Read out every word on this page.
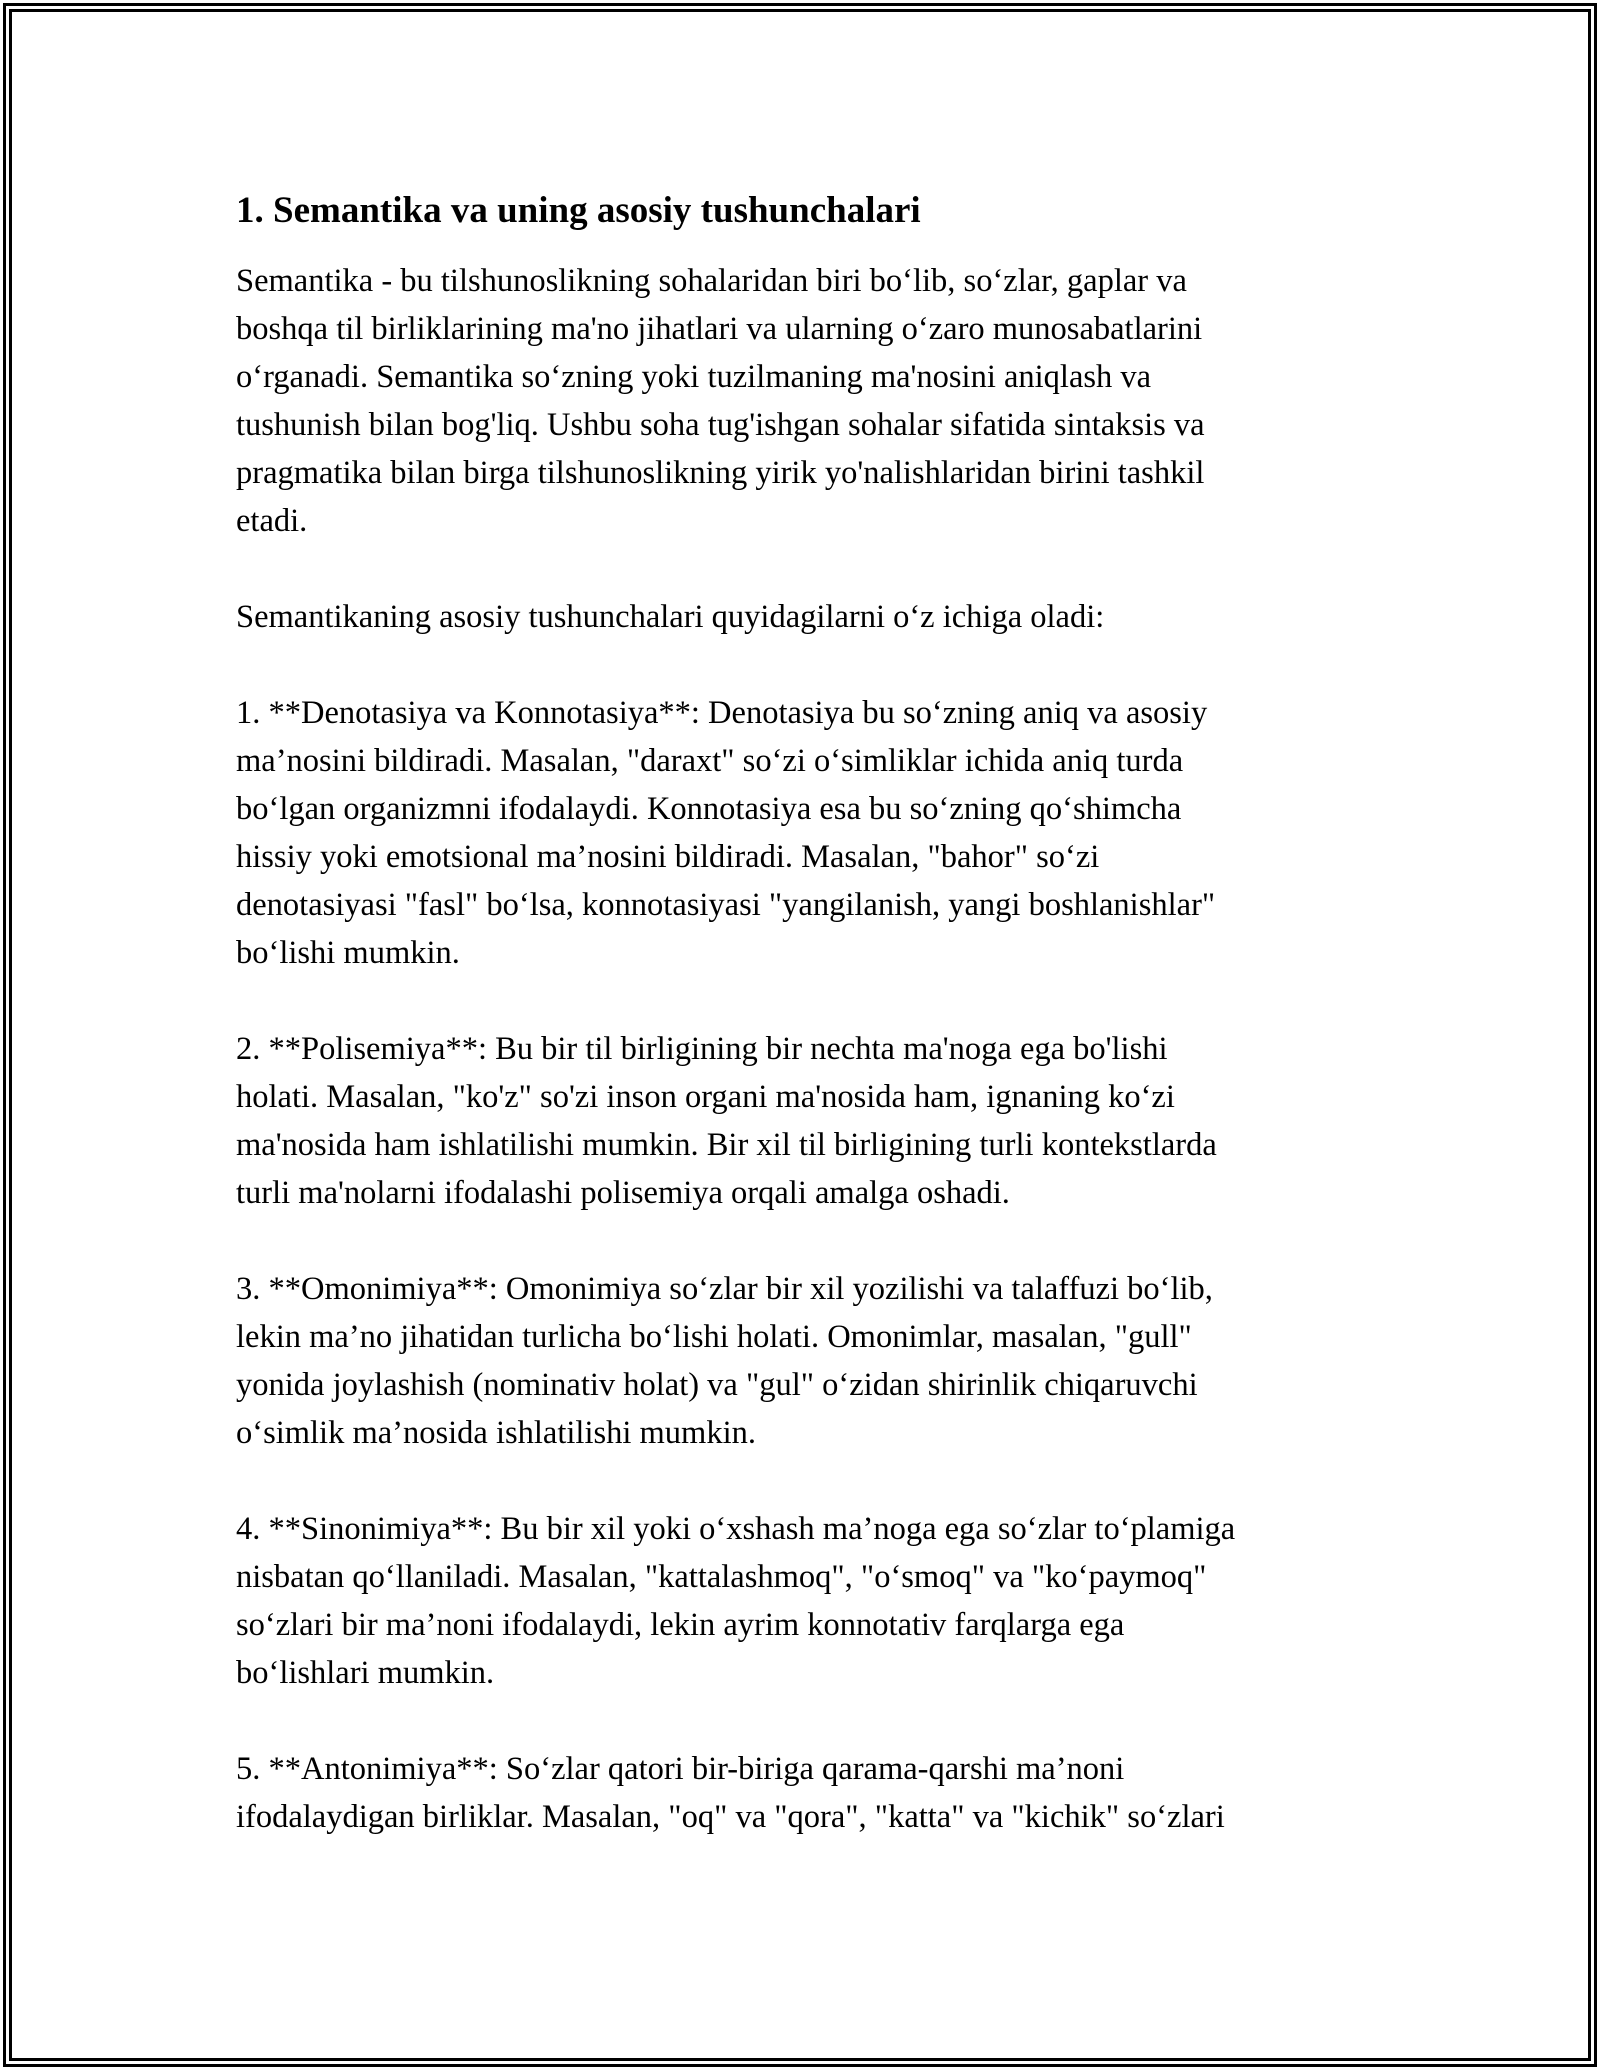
1. Semantika va uning asosiy tushunchalari

Semantika - bu tilshunoslikning sohalaridan biri bo‘lib, so‘zlar, gaplar va
boshqa til birliklarining ma'no jihatlari va ularning o‘zaro munosabatlarini
o‘rganadi. Semantika so‘zning yoki tuzilmaning ma'nosini aniqlash va
tushunish bilan bog'liq. Ushbu soha tug'ishgan sohalar sifatida sintaksis va
pragmatika bilan birga tilshunoslikning yirik yo'nalishlaridan birini tashkil
etadi.

Semantikaning asosiy tushunchalari quyidagilarni o‘z ichiga oladi:

1. **Denotasiya va Konnotasiya**: Denotasiya bu so‘zning aniq va asosiy
ma’nosini bildiradi. Masalan, "daraxt" so‘zi o‘simliklar ichida aniq turda
bo‘lgan organizmni ifodalaydi. Konnotasiya esa bu so‘zning qo‘shimcha
hissiy yoki emotsional ma’nosini bildiradi. Masalan, "bahor" so‘zi
denotasiyasi "fasl" bo‘lsa, konnotasiyasi "yangilanish, yangi boshlanishlar"
bo‘lishi mumkin.

2. **Polisemiya**: Bu bir til birligining bir nechta ma'noga ega bo'lishi
holati. Masalan, "ko'z" so'zi inson organi ma'nosida ham, ignaning ko‘zi
ma'nosida ham ishlatilishi mumkin. Bir xil til birligining turli kontekstlarda
turli ma'nolarni ifodalashi polisemiya orqali amalga oshadi.

3. **Omonimiya**: Omonimiya so‘zlar bir xil yozilishi va talaffuzi bo‘lib,
lekin ma’no jihatidan turlicha bo‘lishi holati. Omonimlar, masalan, "gull"
yonida joylashish (nominativ holat) va "gul" o‘zidan shirinlik chiqaruvchi
o‘simlik ma’nosida ishlatilishi mumkin.

4. **Sinonimiya**: Bu bir xil yoki o‘xshash ma’noga ega so‘zlar to‘plamiga
nisbatan qo‘llaniladi. Masalan, "kattalashmoq", "o‘smoq" va "ko‘paymoq"
so‘zlari bir ma’noni ifodalaydi, lekin ayrim konnotativ farqlarga ega
bo‘lishlari mumkin.

5. **Antonimiya**: So‘zlar qatori bir-biriga qarama-qarshi ma’noni
ifodalaydigan birliklar. Masalan, "oq" va "qora", "katta" va "kichik" so‘zlari
